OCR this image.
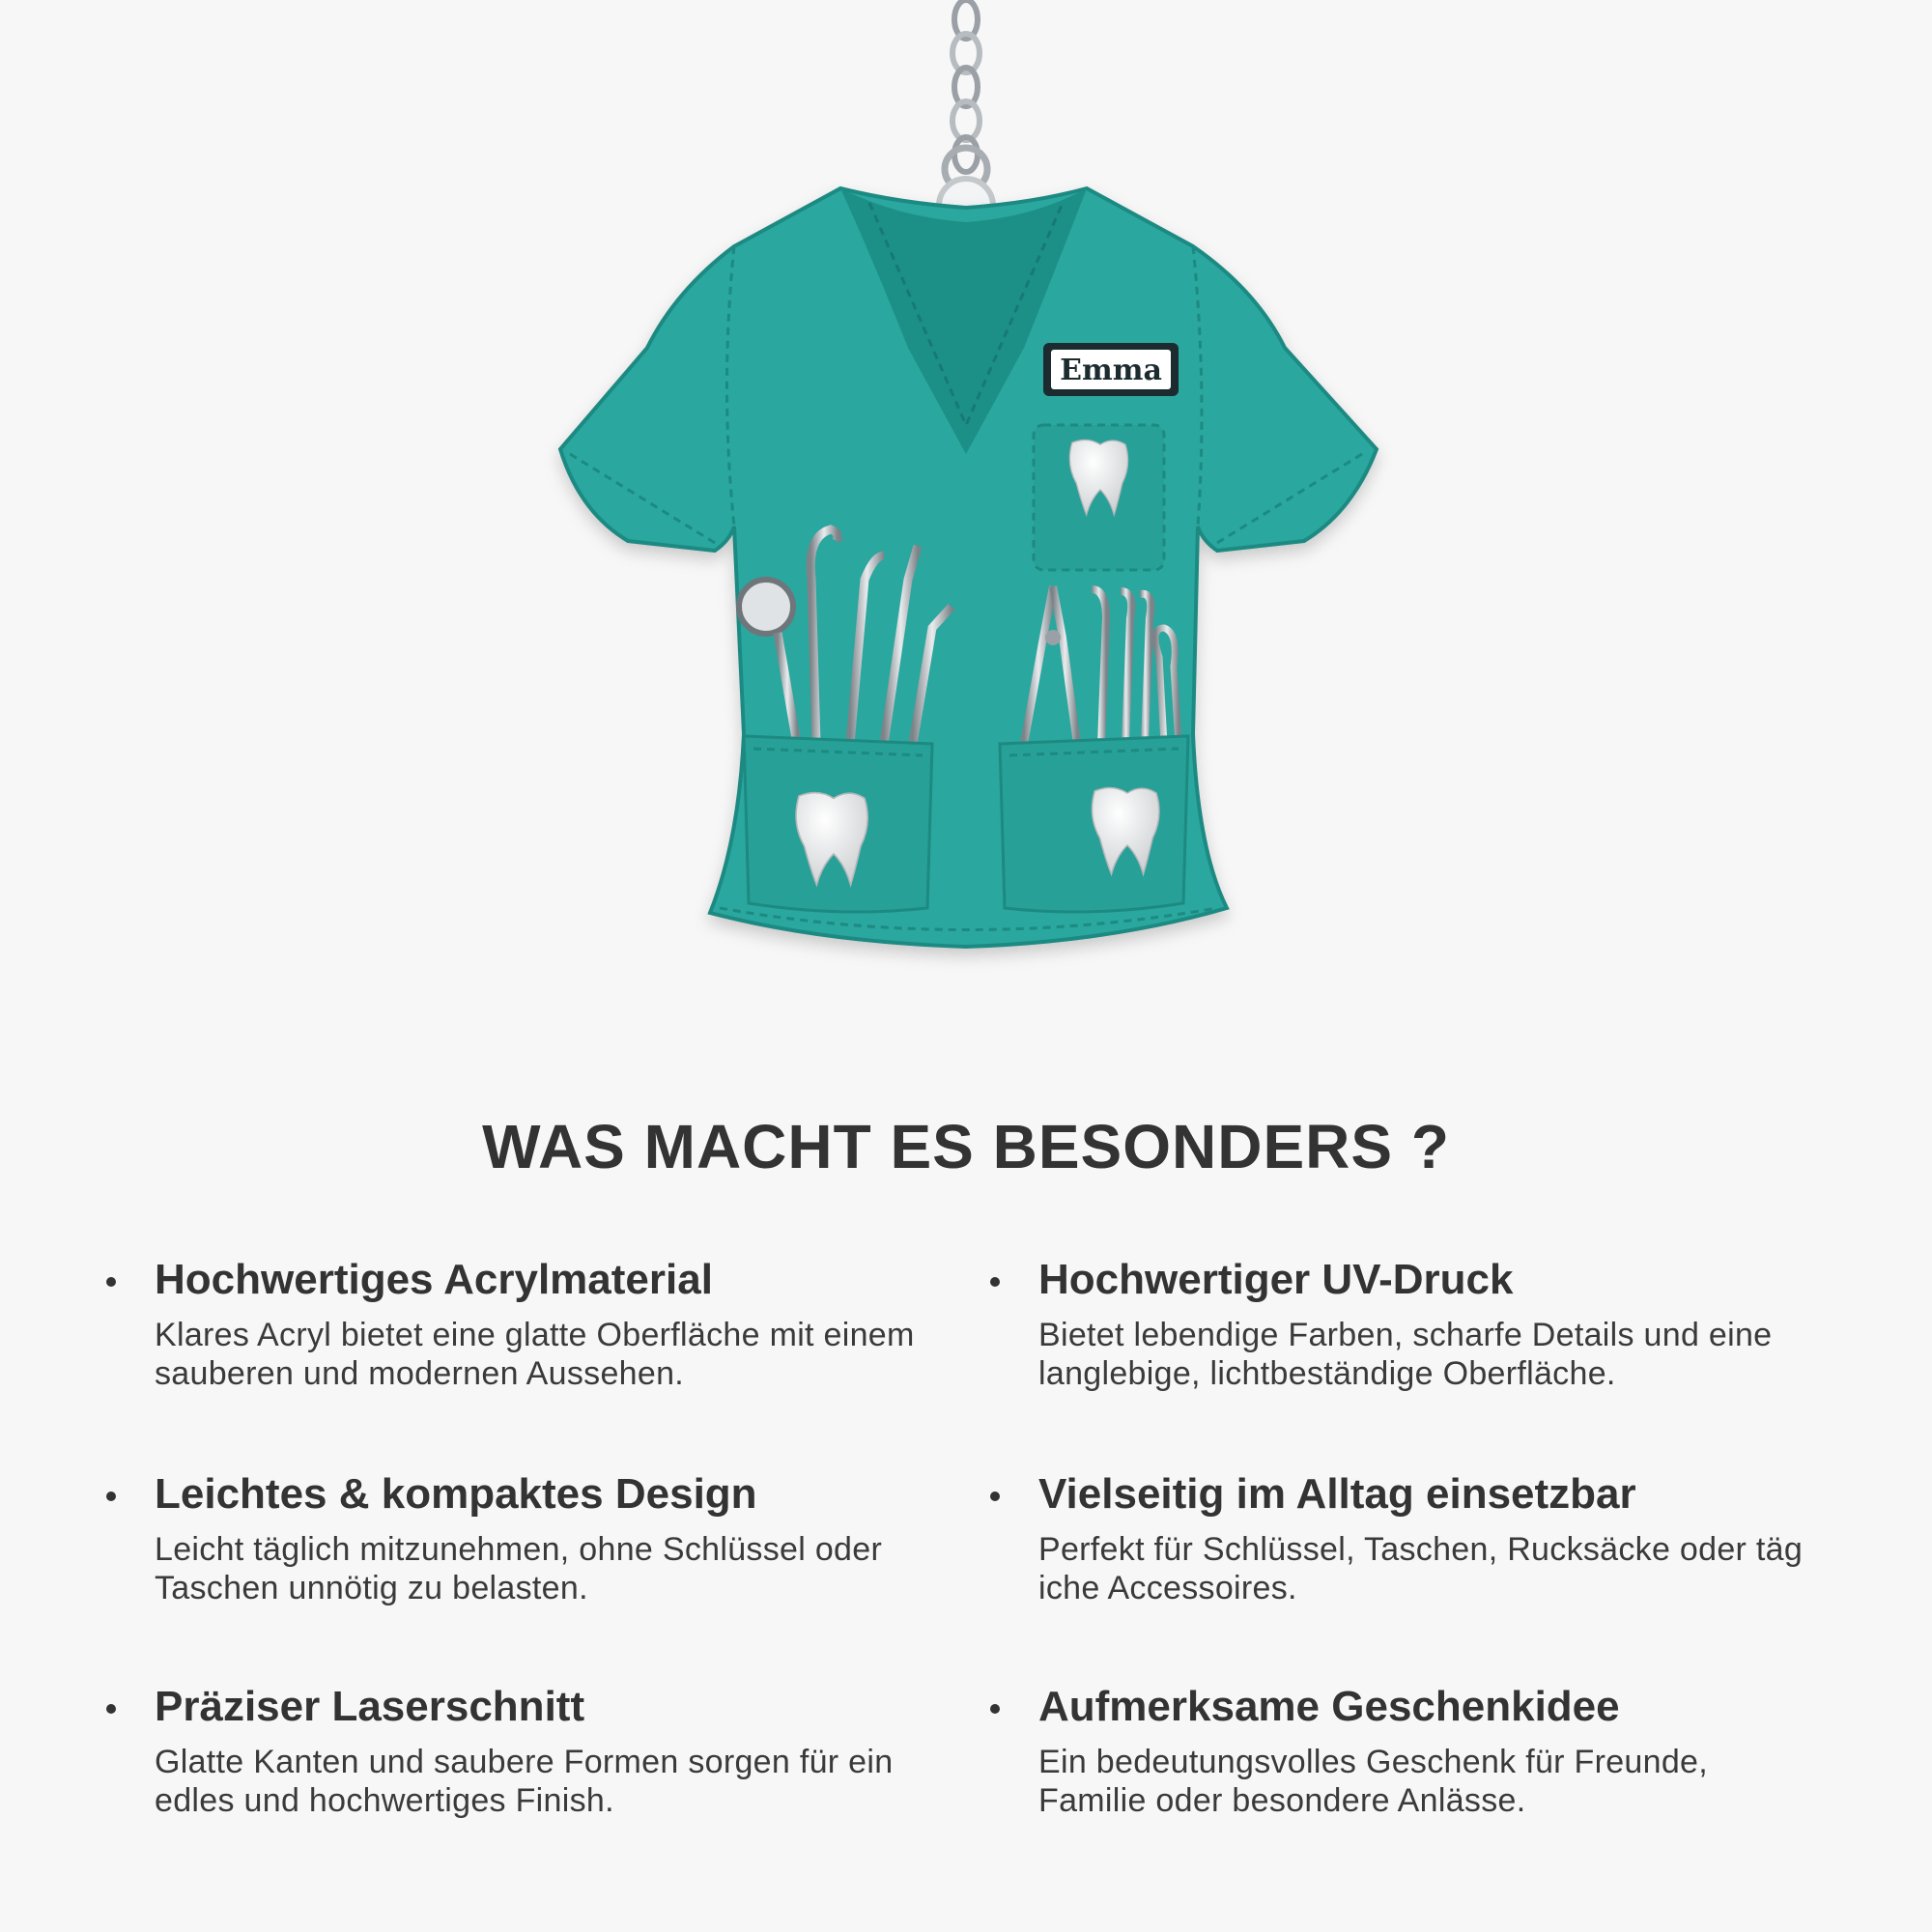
Emma
WAS MACHT ES BESONDERS ?
Hochwertiges Acrylmaterial

Klares Acryl bietet eine glatte Oberfläche mit einem sauberen und modernen Aussehen.

Hochwertiger UV-Druck

Bietet lebendige Farben, scharfe Details und eine langlebige, lichtbeständige Oberfläche.

Leichtes & kompaktes Design

Leicht täglich mitzunehmen, ohne Schlüssel oder Taschen unnötig zu belasten.

Vielseitig im Alltag einsetzbar

Perfekt für Schlüssel, Taschen, Rucksäcke oder täg iche Accessoires.

Präziser Laserschnitt

Glatte Kanten und saubere Formen sorgen für ein edles und hochwertiges Finish.

Aufmerksame Geschenkidee

Ein bedeutungsvolles Geschenk für Freunde, Familie oder besondere Anlässe.
